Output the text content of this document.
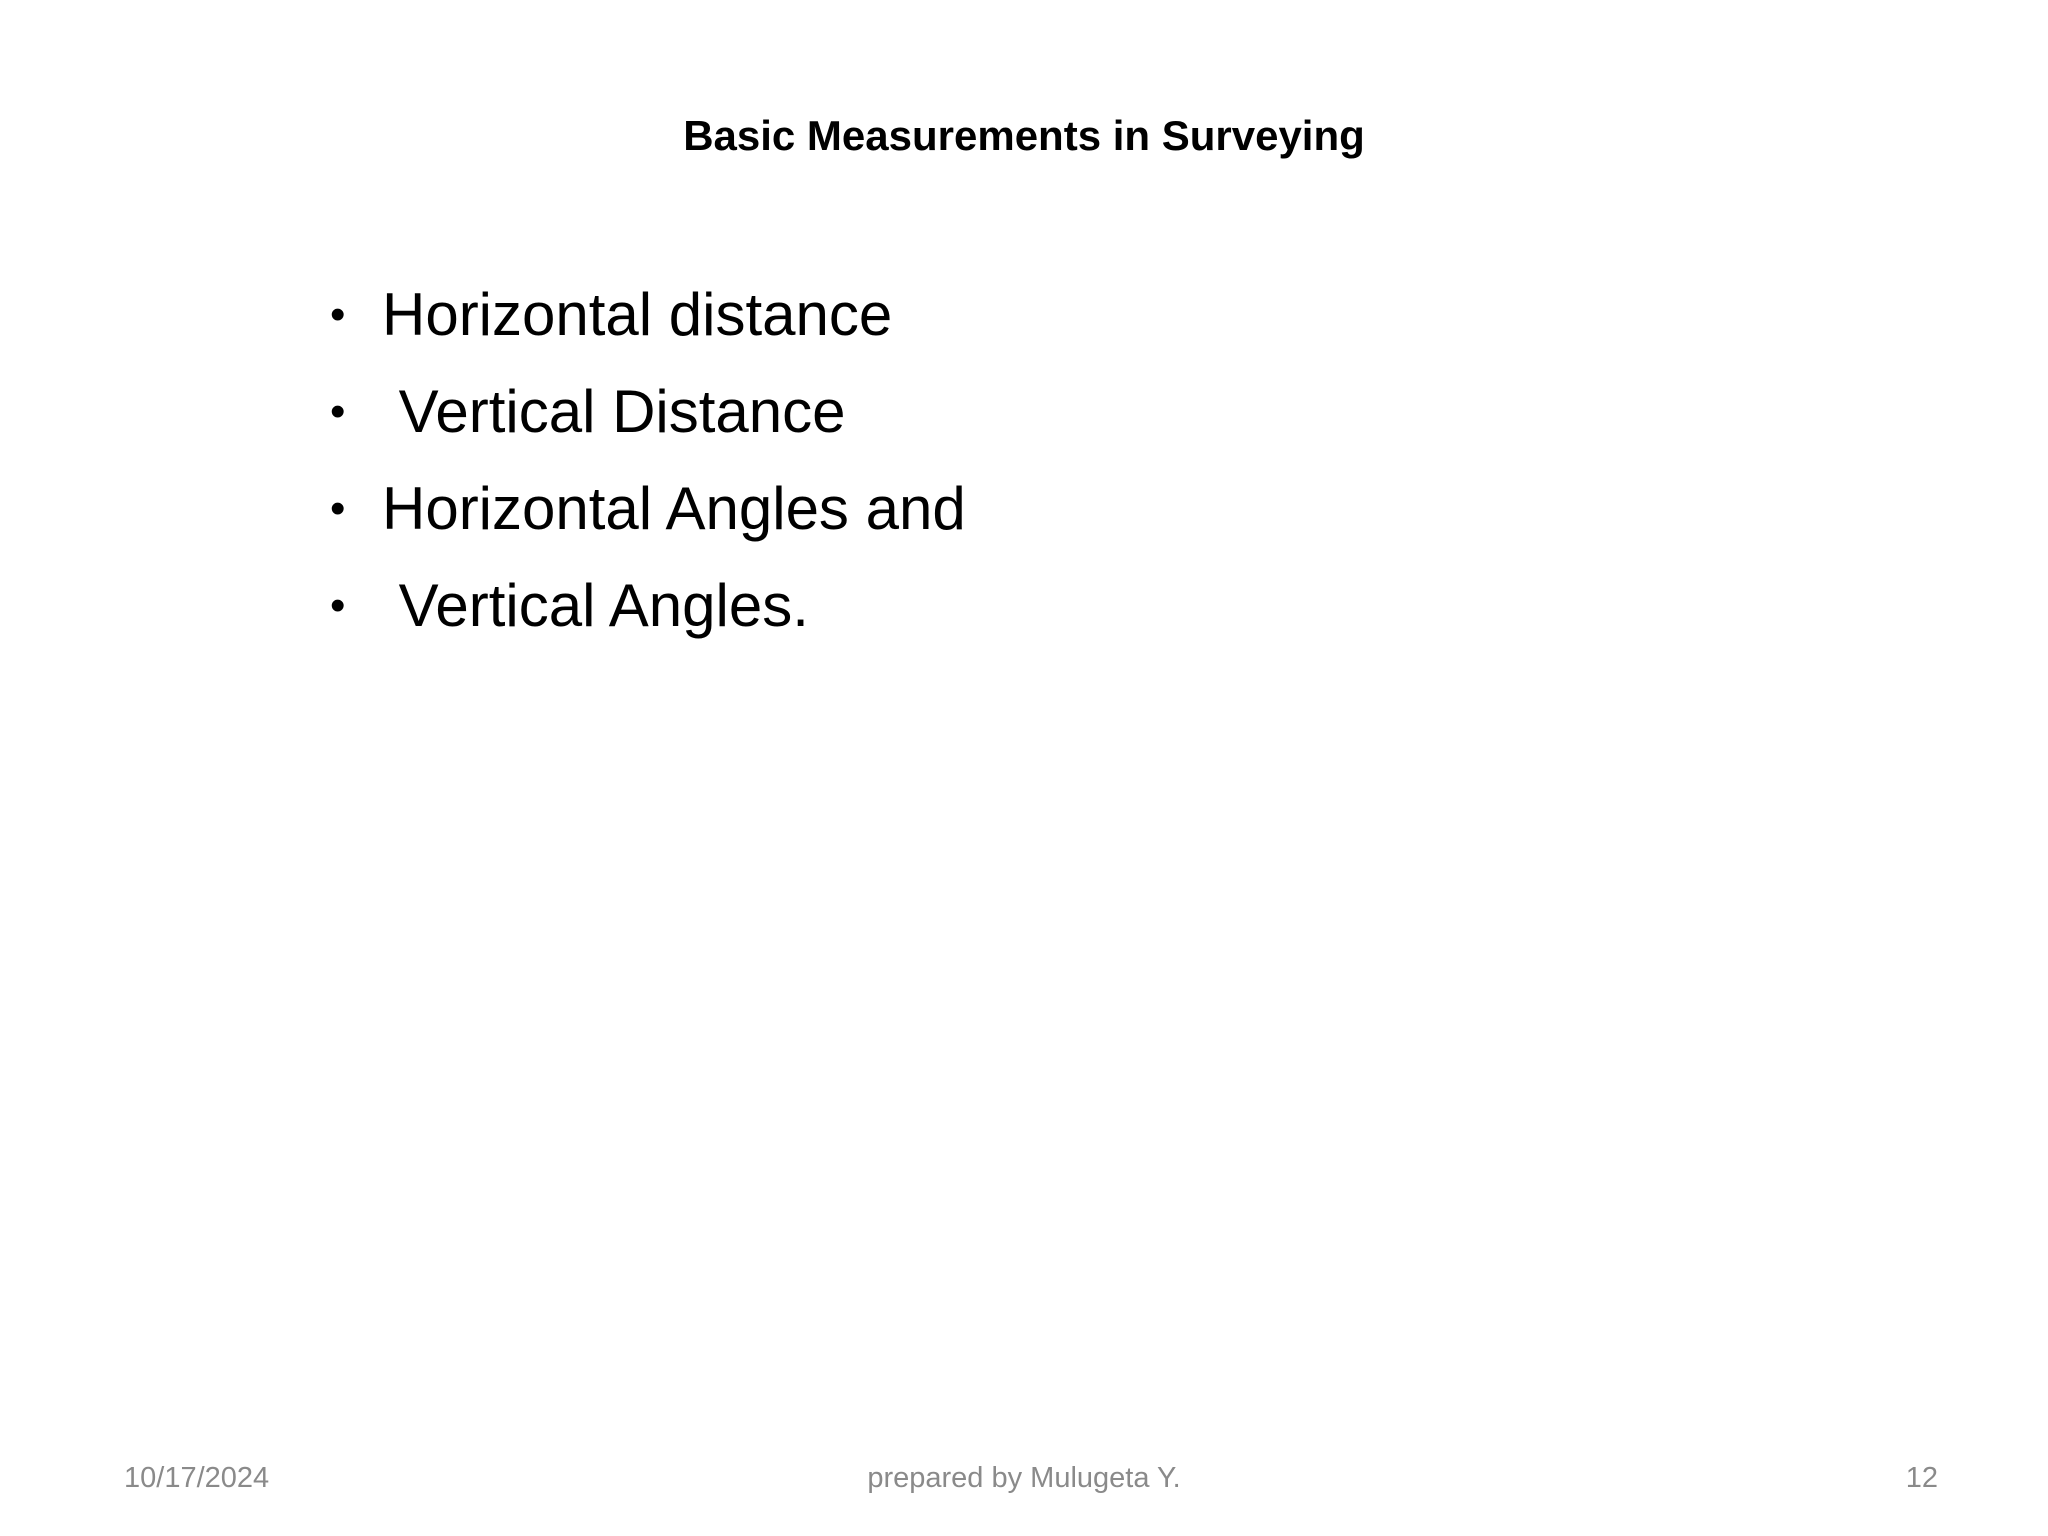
Basic Measurements in Surveying

•

Horizontal distance

•

Vertical Distance

•

Horizontal Angles and

•

Vertical Angles.

10/17/2024	prepared by Mulugeta Y.	12
